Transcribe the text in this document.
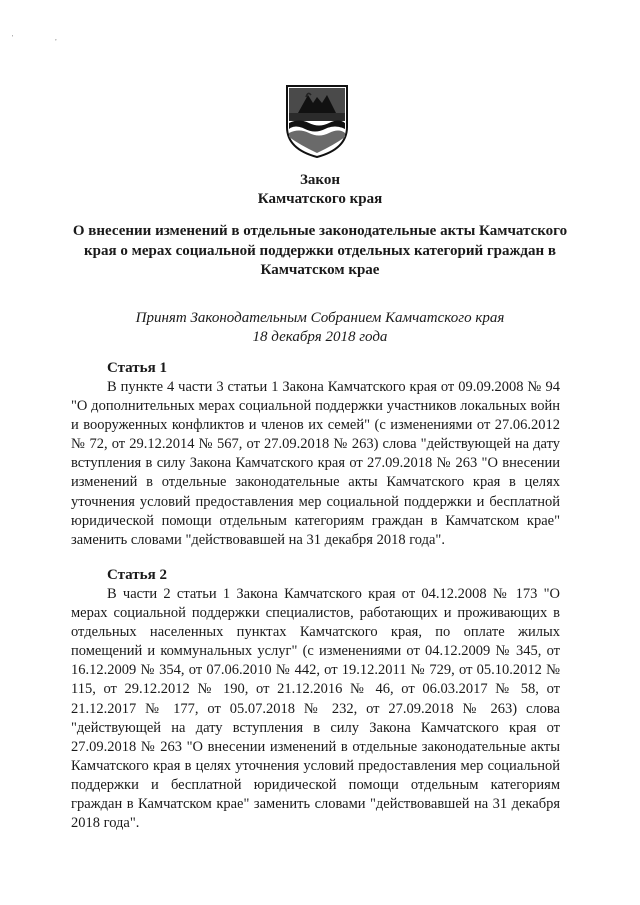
' ,
Закон
Камчатского края
О внесении изменений в отдельные законодательные акты Камчатского края о мерах социальной поддержки отдельных категорий граждан в Камчатском крае
Принят Законодательным Собранием Камчатского края
18 декабря 2018 года
Статья 1

В пункте 4 части 3 статьи 1 Закона Камчатского края от 09.09.2008 № 94 "О дополнительных мерах социальной поддержки участников локальных войн и вооруженных конфликтов и членов их семей" (с изменениями от 27.06.2012 № 72, от 29.12.2014 № 567, от 27.09.2018 № 263) слова "действующей на дату вступления в силу Закона Камчатского края от 27.09.2018 № 263 "О внесении изменений в отдельные законодательные акты Камчатского края в целях уточнения условий предоставления мер социальной поддержки и бесплатной юридической помощи отдельным категориям граждан в Камчатском крае" заменить словами "действовавшей на 31 декабря 2018 года".

Статья 2

В части 2 статьи 1 Закона Камчатского края от 04.12.2008 № 173 "О мерах социальной поддержки специалистов, работающих и проживающих в отдельных населенных пунктах Камчатского края, по оплате жилых помещений и коммунальных услуг" (с изменениями от 04.12.2009 № 345, от 16.12.2009 № 354, от 07.06.2010 № 442, от 19.12.2011 № 729, от 05.10.2012 № 115, от 29.12.2012 № 190, от 21.12.2016 № 46, от 06.03.2017 № 58, от 21.12.2017 № 177, от 05.07.2018 № 232, от 27.09.2018 № 263) слова "действующей на дату вступления в силу Закона Камчатского края от 27.09.2018 № 263 "О внесении изменений в отдельные законодательные акты Камчатского края в целях уточнения условий предоставления мер социальной поддержки и бесплатной юридической помощи отдельным категориям граждан в Камчатском крае" заменить словами "действовавшей на 31 декабря 2018 года".
